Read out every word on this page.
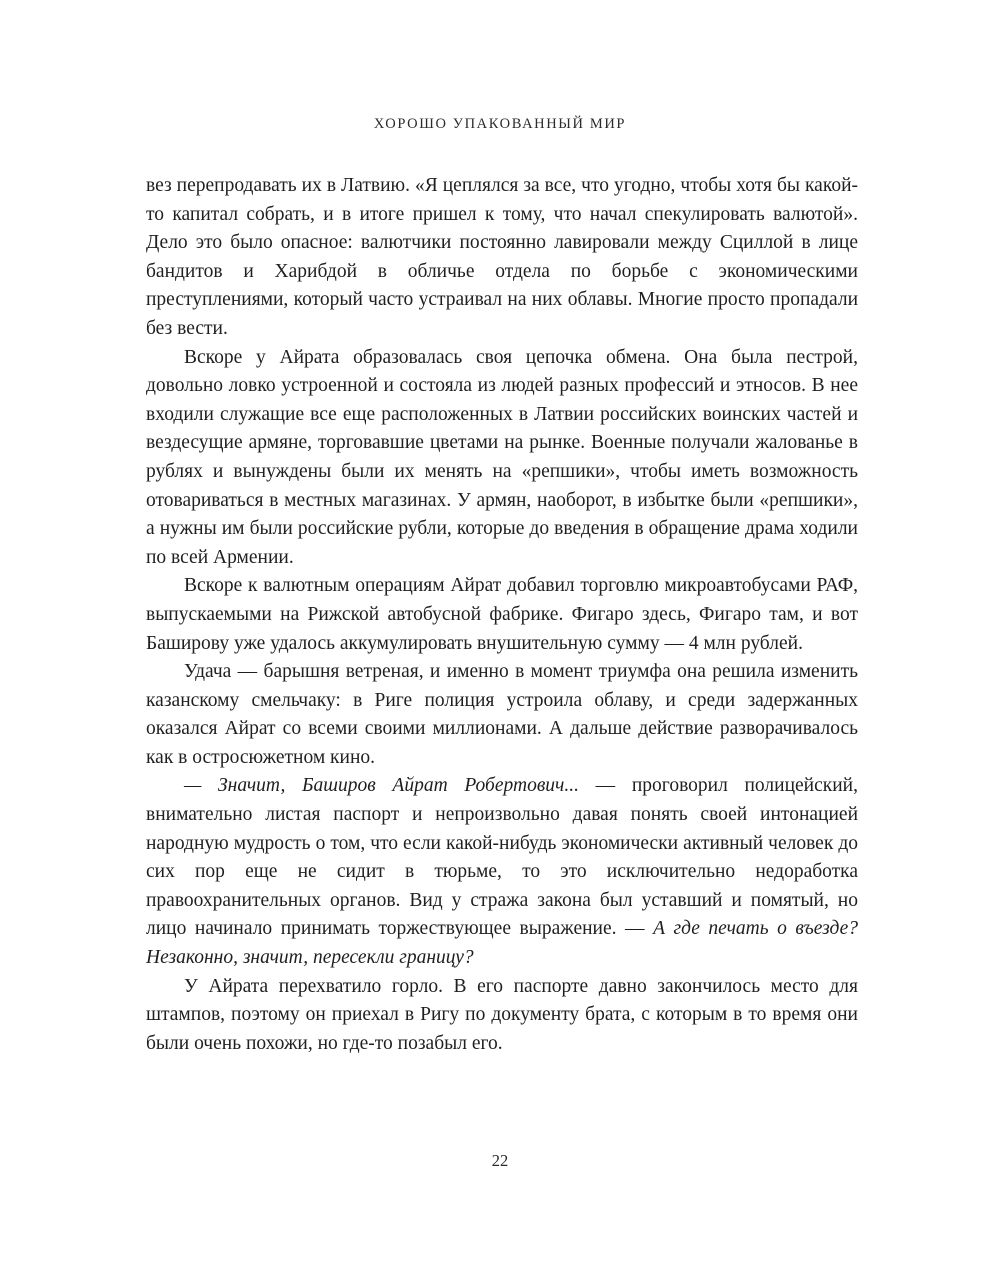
ХОРОШО УПАКОВАННЫЙ МИР

вез перепродавать их в Латвию. «Я цеплялся за все, что угодно, чтобы хотя бы какой-то капитал собрать, и в итоге пришел к тому, что начал спекулировать валютой». Дело это было опасное: валютчики постоянно лавировали между Сциллой в лице бандитов и Харибдой в обличье отдела по борьбе с экономическими преступлениями, который часто устраивал на них облавы. Многие просто пропадали без вести.

Вскоре у Айрата образовалась своя цепочка обмена. Она была пестрой, довольно ловко устроенной и состояла из людей разных профессий и этносов. В нее входили служащие все еще расположенных в Латвии российских воинских частей и вездесущие армяне, торговавшие цветами на рынке. Военные получали жалованье в рублях и вынуждены были их менять на «репшики», чтобы иметь возможность отовариваться в местных магазинах. У армян, наоборот, в избытке были «репшики», а нужны им были российские рубли, которые до введения в обращение драма ходили по всей Армении.

Вскоре к валютным операциям Айрат добавил торговлю микроавтобусами РАФ, выпускаемыми на Рижской автобусной фабрике. Фигаро здесь, Фигаро там, и вот Баширову уже удалось аккумулировать внушительную сумму — 4 млн рублей.

Удача — барышня ветреная, и именно в момент триумфа она решила изменить казанскому смельчаку: в Риге полиция устроила облаву, и среди задержанных оказался Айрат со всеми своими миллионами. А дальше действие разворачивалось как в остросюжетном кино.

— Значит, Баширов Айрат Робертович... — проговорил полицейский, внимательно листая паспорт и непроизвольно давая понять своей интонацией народную мудрость о том, что если какой-нибудь экономически активный человек до сих пор еще не сидит в тюрьме, то это исключительно недоработка правоохранительных органов. Вид у стража закона был уставший и помятый, но лицо начинало принимать торжествующее выражение. — А где печать о въезде? Незаконно, значит, пересекли границу?

У Айрата перехватило горло. В его паспорте давно закончилось место для штампов, поэтому он приехал в Ригу по документу брата, с которым в то время они были очень похожи, но где-то позабыл его.

22
